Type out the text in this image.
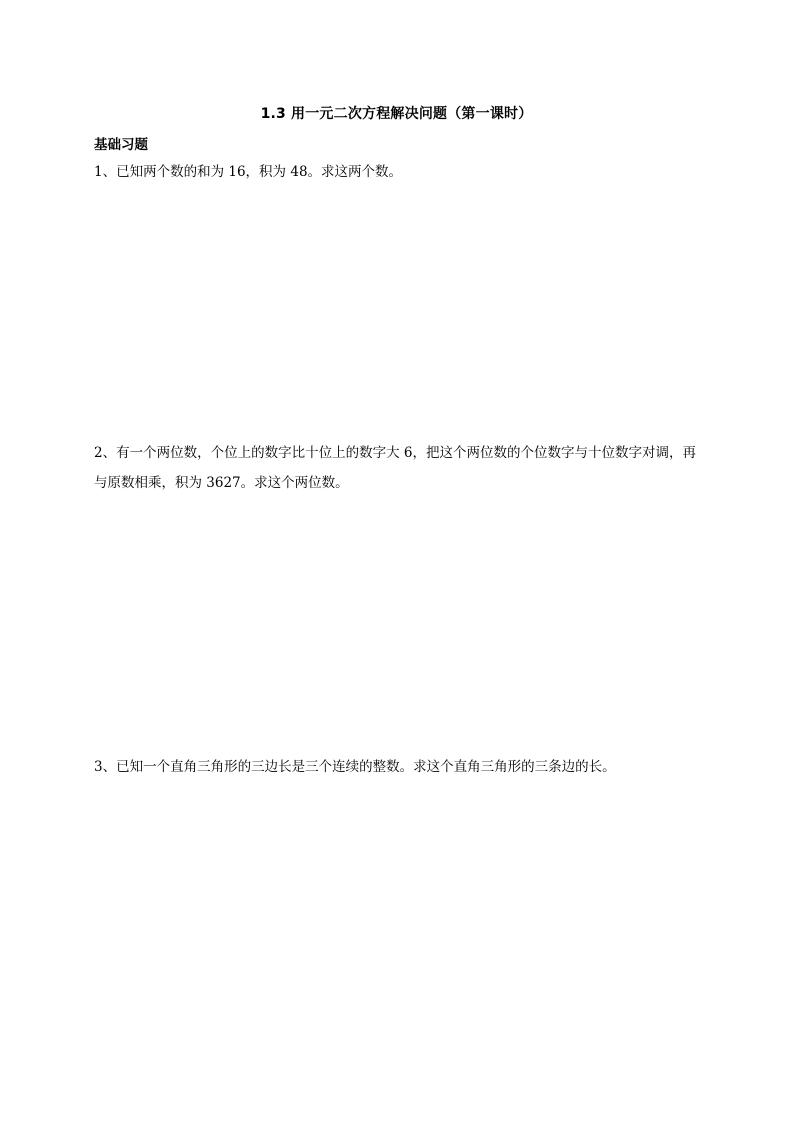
1.3 用一元二次方程解决问题（第一课时）
基础习题
1、已知两个数的和为 16，积为 48。求这两个数。
2、有一个两位数，个位上的数字比十位上的数字大 6，把这个两位数的个位数字与十位数字对调，再与原数相乘，积为 3627。求这个两位数。
3、已知一个直角三角形的三边长是三个连续的整数。求这个直角三角形的三条边的长。
